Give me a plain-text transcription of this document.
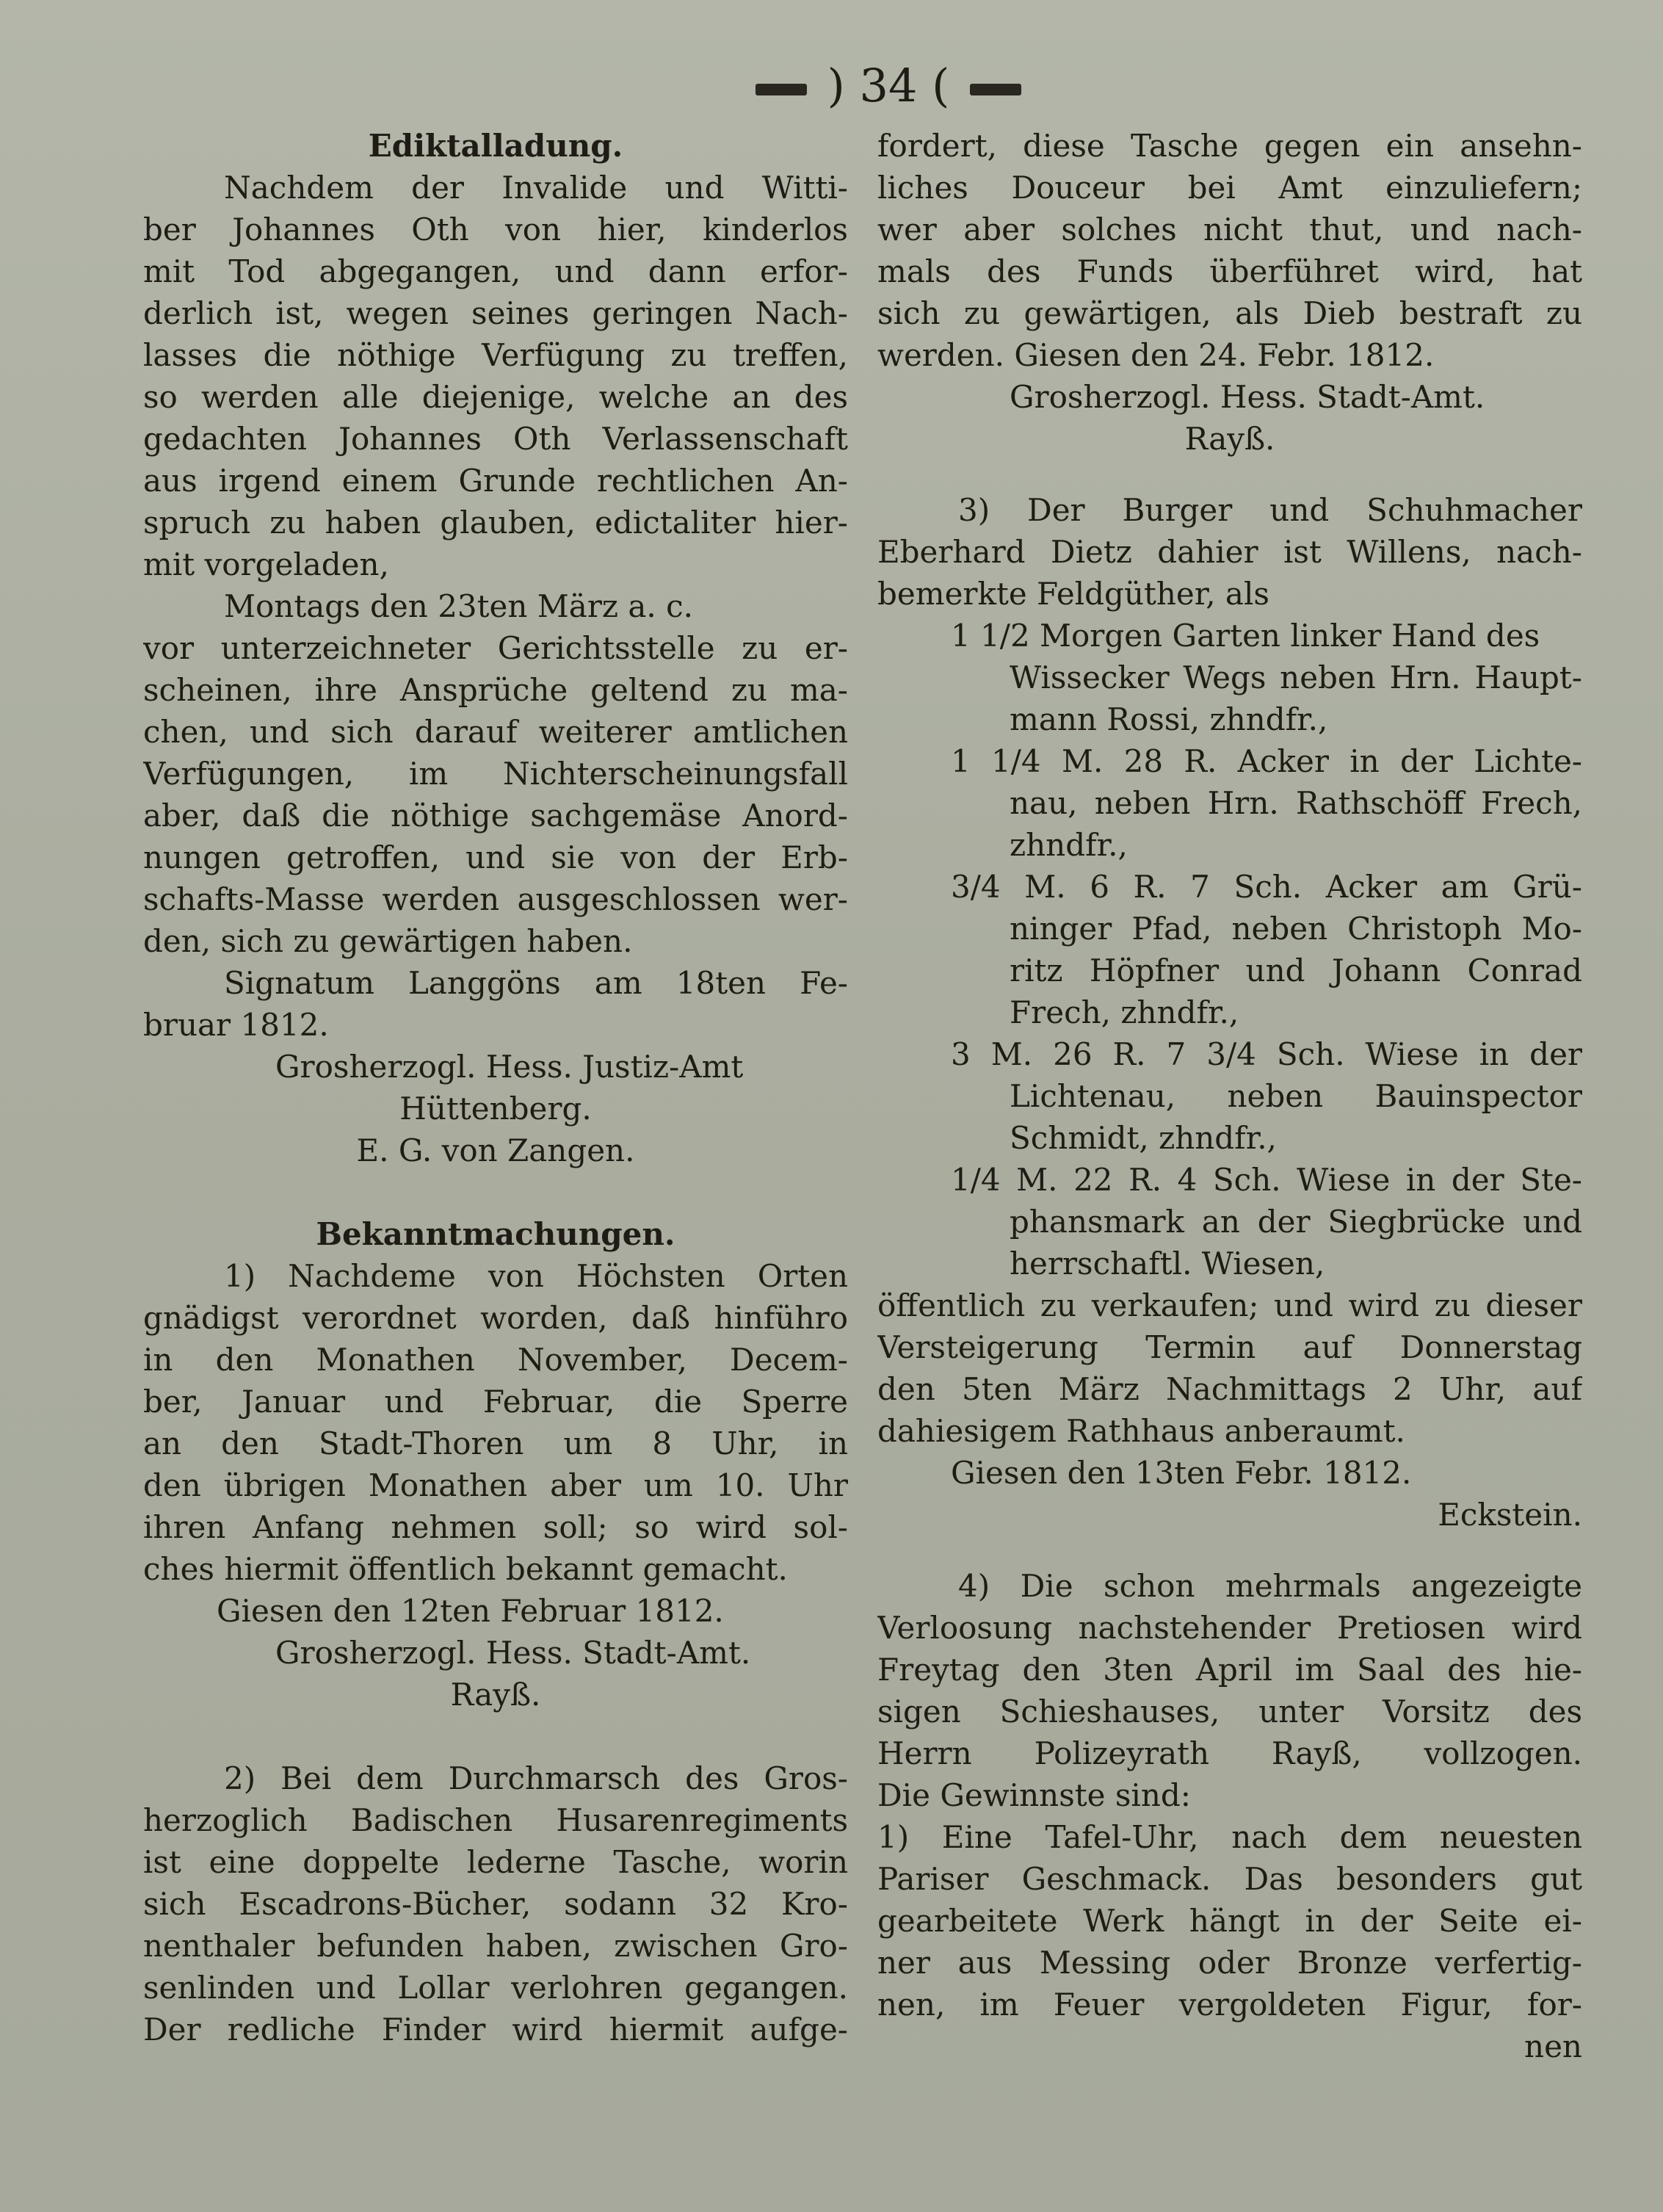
) 34 (
Ediktalladung.
Nachdem der Invalide und Witti-
ber Johannes Oth von hier, kinderlos
mit Tod abgegangen, und dann erfor-
derlich ist, wegen seines geringen Nach-
lasses die nöthige Verfügung zu treffen,
so werden alle diejenige, welche an des
gedachten Johannes Oth Verlassenschaft
aus irgend einem Grunde rechtlichen An-
spruch zu haben glauben, edictaliter hier-
mit vorgeladen,
Montags den 23ten März a. c.
vor unterzeichneter Gerichtsstelle zu er-
scheinen, ihre Ansprüche geltend zu ma-
chen, und sich darauf weiterer amtlichen
Verfügungen, im Nichterscheinungsfall
aber, daß die nöthige sachgemäse Anord-
nungen getroffen, und sie von der Erb-
schafts-Masse werden ausgeschlossen wer-
den, sich zu gewärtigen haben.
Signatum Langgöns am 18ten Fe-
bruar 1812.
Grosherzogl. Hess. Justiz-Amt
Hüttenberg.
E. G. von Zangen.
Bekanntmachungen.
1) Nachdeme von Höchsten Orten
gnädigst verordnet worden, daß hinführo
in den Monathen November, Decem-
ber, Januar und Februar, die Sperre
an den Stadt-Thoren um 8 Uhr, in
den übrigen Monathen aber um 10. Uhr
ihren Anfang nehmen soll; so wird sol-
ches hiermit öffentlich bekannt gemacht.
Giesen den 12ten Februar 1812.
Grosherzogl. Hess. Stadt-Amt.
Rayß.
2) Bei dem Durchmarsch des Gros-
herzoglich Badischen Husarenregiments
ist eine doppelte lederne Tasche, worin
sich Escadrons-Bücher, sodann 32 Kro-
nenthaler befunden haben, zwischen Gro-
senlinden und Lollar verlohren gegangen.
Der redliche Finder wird hiermit aufge-
fordert, diese Tasche gegen ein ansehn-
liches Douceur bei Amt einzuliefern;
wer aber solches nicht thut, und nach-
mals des Funds überführet wird, hat
sich zu gewärtigen, als Dieb bestraft zu
werden. Giesen den 24. Febr. 1812.
Grosherzogl. Hess. Stadt-Amt.
Rayß.
3) Der Burger und Schuhmacher
Eberhard Dietz dahier ist Willens, nach-
bemerkte Feldgüther, als
1 1/2 Morgen Garten linker Hand des
Wissecker Wegs neben Hrn. Haupt-
mann Rossi, zhndfr.,
1 1/4 M. 28 R. Acker in der Lichte-
nau, neben Hrn. Rathschöff Frech,
zhndfr.,
3/4 M. 6 R. 7 Sch. Acker am Grü-
ninger Pfad, neben Christoph Mo-
ritz Höpfner und Johann Conrad
Frech, zhndfr.,
3 M. 26 R. 7 3/4 Sch. Wiese in der
Lichtenau, neben Bauinspector
Schmidt, zhndfr.,
1/4 M. 22 R. 4 Sch. Wiese in der Ste-
phansmark an der Siegbrücke und
herrschaftl. Wiesen,
öffentlich zu verkaufen; und wird zu dieser
Versteigerung Termin auf Donnerstag
den 5ten März Nachmittags 2 Uhr, auf
dahiesigem Rathhaus anberaumt.
Giesen den 13ten Febr. 1812.
Eckstein.
4) Die schon mehrmals angezeigte
Verloosung nachstehender Pretiosen wird
Freytag den 3ten April im Saal des hie-
sigen Schieshauses, unter Vorsitz des
Herrn Polizeyrath Rayß, vollzogen.
Die Gewinnste sind:
1) Eine Tafel-Uhr, nach dem neuesten
Pariser Geschmack. Das besonders gut
gearbeitete Werk hängt in der Seite ei-
ner aus Messing oder Bronze verfertig-
nen, im Feuer vergoldeten Figur, for-
nen
